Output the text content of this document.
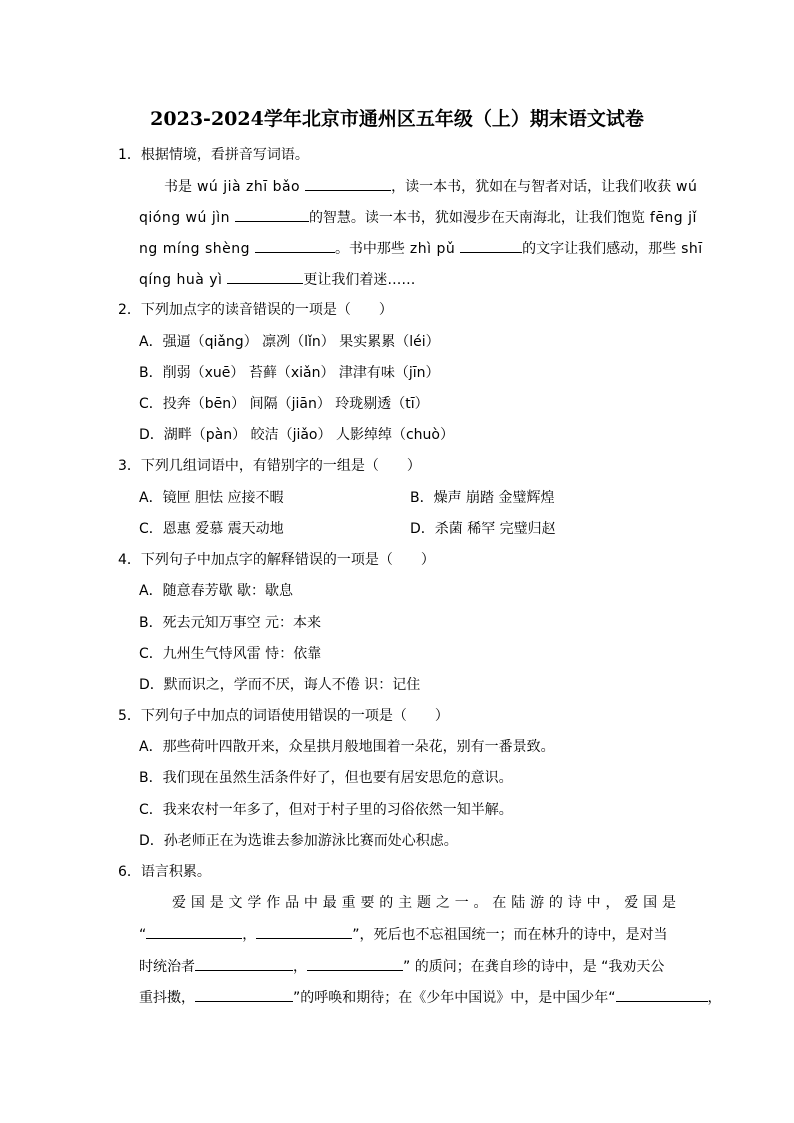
2023-2024学年北京市通州区五年级（上）期末语文试卷
1．根据情境，看拼音写词语。
书是 wú jià zhī bǎo	，读一本书，犹如在与智者对话，让我们收获 wú
qióng wú jìn	的智慧。读一本书，犹如漫步在天南海北，让我们饱览 fēng jǐ
ng míng shèng	。书中那些 zhì pǔ	的文字让我们感动，那些 shī
qíng huà yì	更让我们着迷……
2．下列加点字的读音错误的一项是（　　）
A．强逼（qiǎng） 凛冽（lǐn） 果实累累（léi）
B．削弱（xuē） 苔藓（xiǎn） 津津有味（jīn）
C．投奔（bēn） 间隔（jiān） 玲珑剔透（tī）
D．湖畔（pàn） 皎洁（jiǎo） 人影绰绰（chuò）
3．下列几组词语中，有错别字的一组是（　　）
A．镜匣 胆怯 应接不暇	B．燥声 崩踏 金璧辉煌
C．恩惠 爱慕 震天动地	D．杀菌 稀罕 完璧归赵
4．下列句子中加点字的解释错误的一项是（　　）
A．随意春芳歇 歇：歇息
B．死去元知万事空 元：本来
C．九州生气恃风雷 恃：依靠
D．默而识之，学而不厌，诲人不倦 识：记住
5．下列句子中加点的词语使用错误的一项是（　　）
A．那些荷叶四散开来，众星拱月般地围着一朵花，别有一番景致。
B．我们现在虽然生活条件好了，但也要有居安思危的意识。
C．我来农村一年多了，但对于村子里的习俗依然一知半解。
D．孙老师正在为选谁去参加游泳比赛而处心积虑。
6．语言积累。
爱国是文学作品中最重要的主题之一。在陆游的诗中，爱国是
“	，	”，死后也不忘祖国统一；而在林升的诗中，是对当
时统治者	，	” 的质问；在龚自珍的诗中，是 “我劝天公
重抖擞，	”的呼唤和期待；在《少年中国说》中，是中国少年“	，
